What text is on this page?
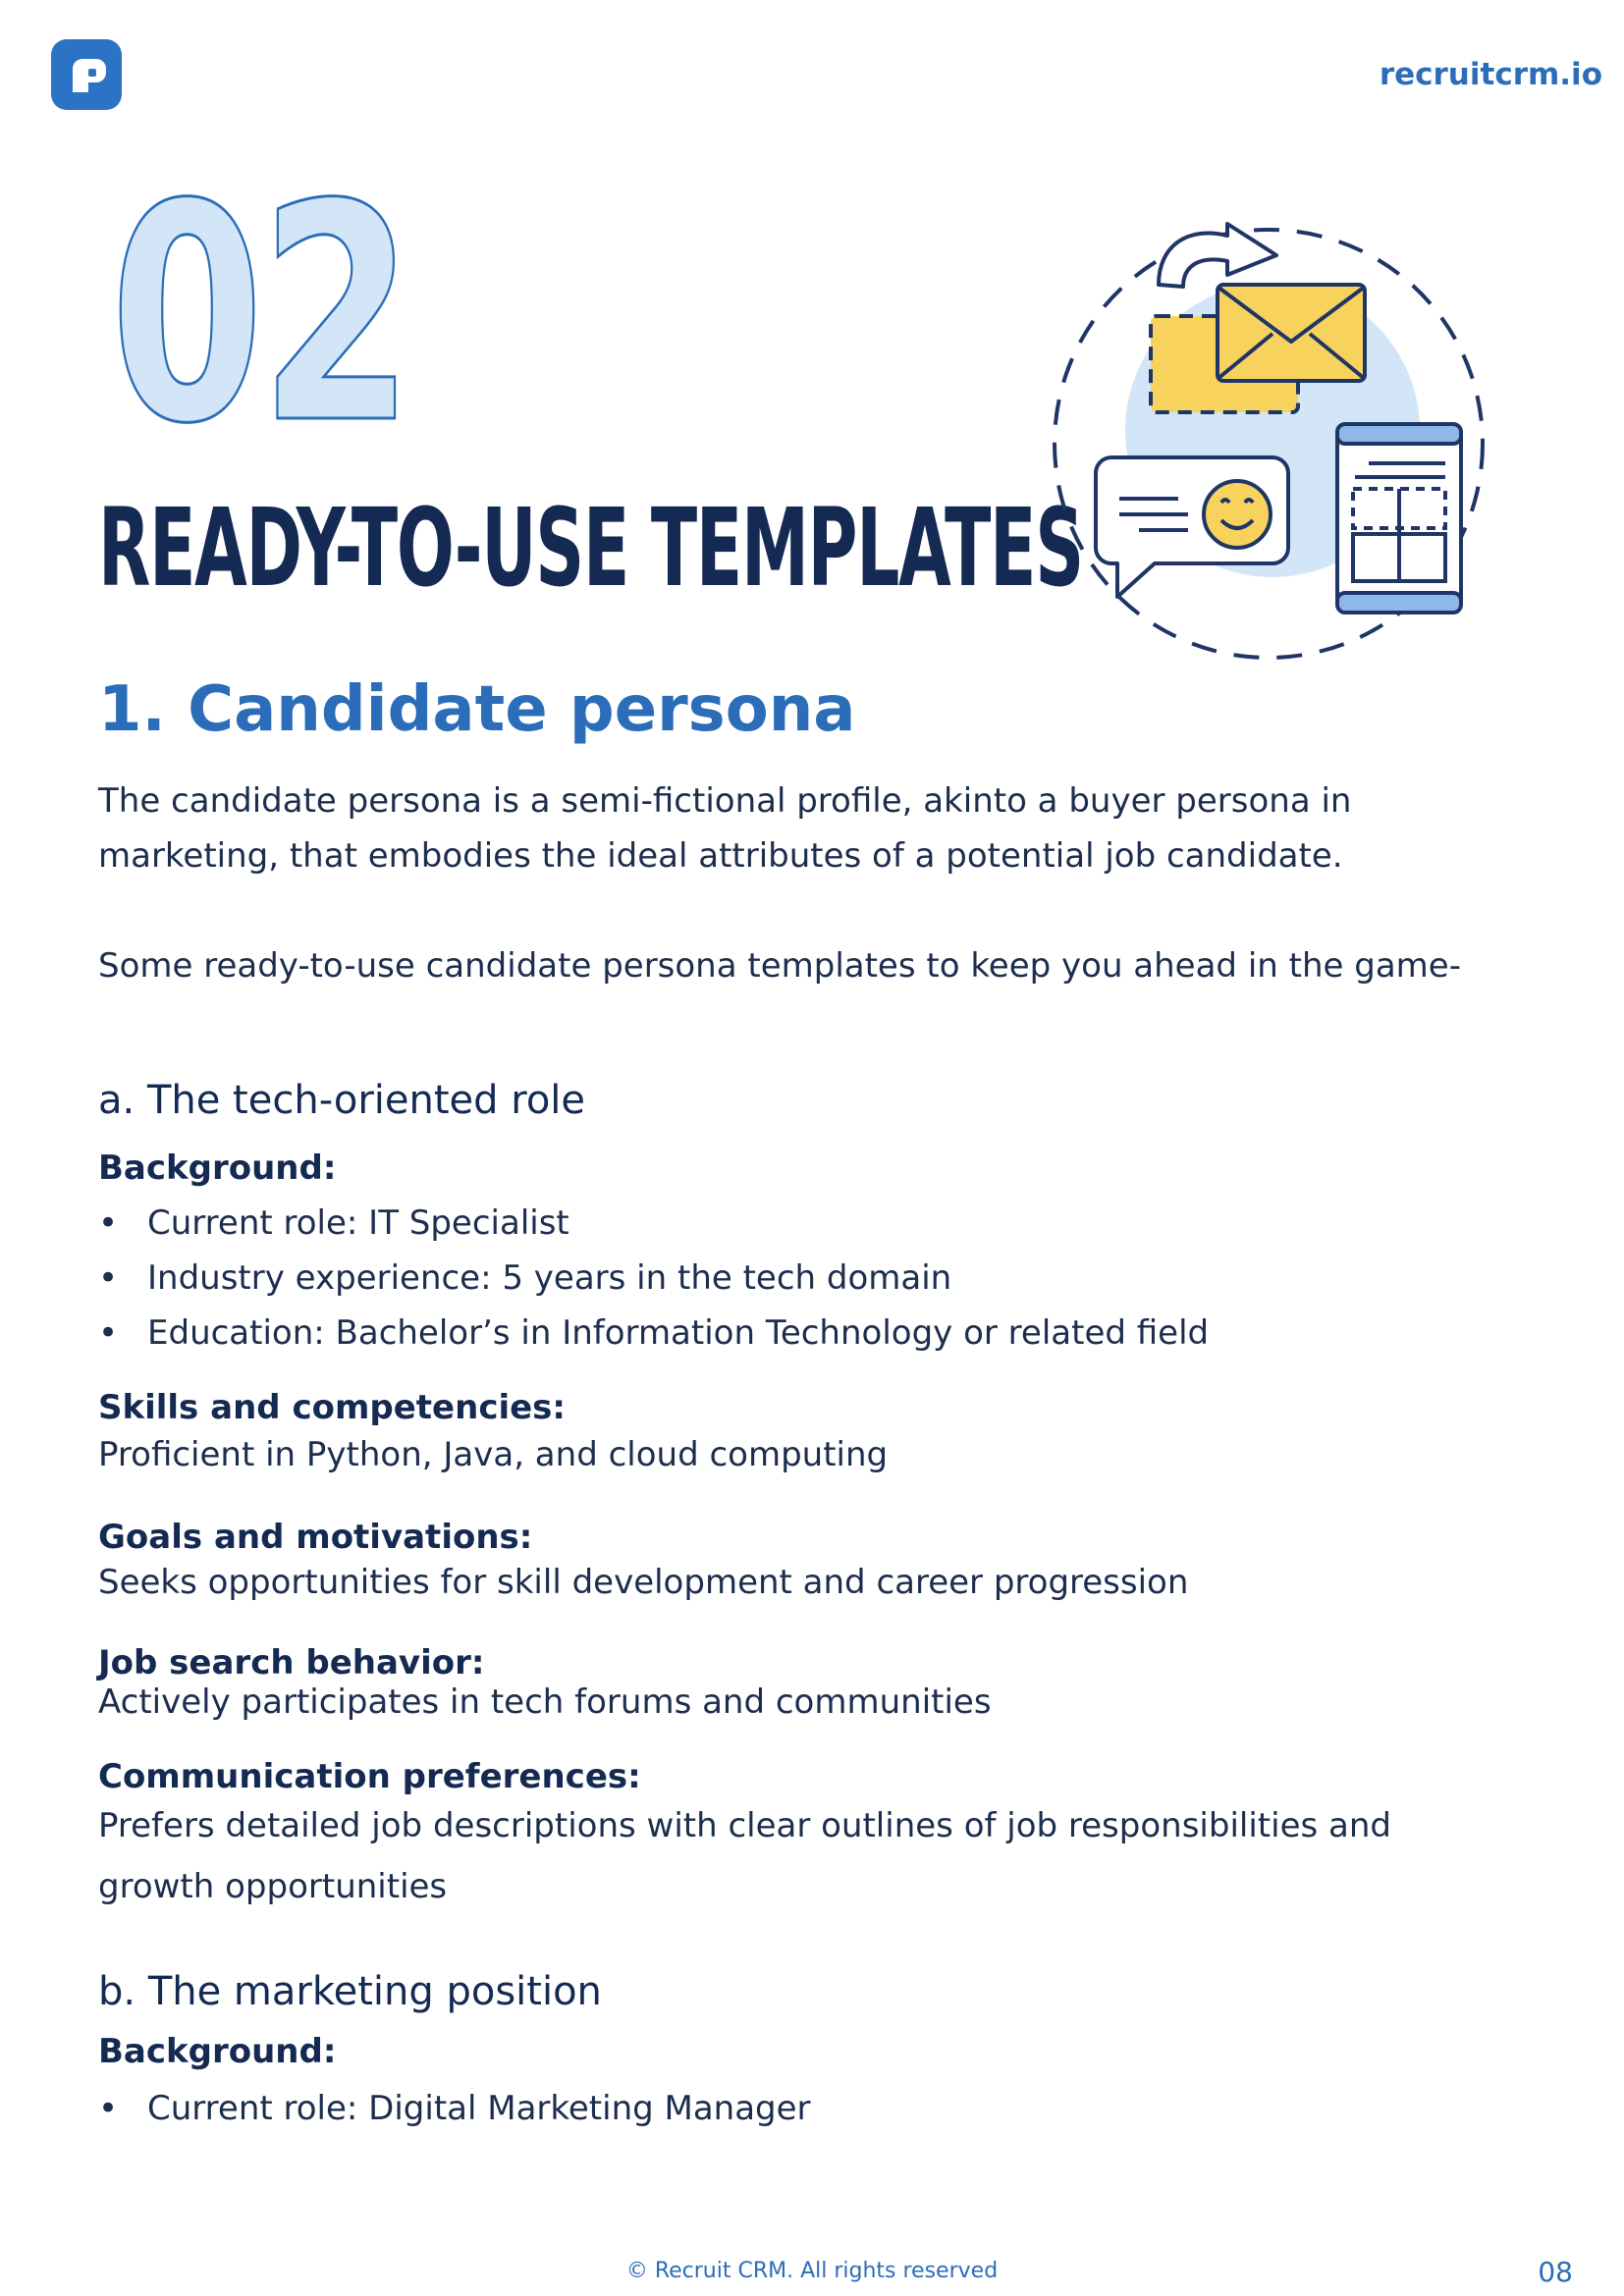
recruitcrm.io
02
READY-TO-USE TEMPLATES
1. Candidate persona
The candidate persona is a semi-fictional profile, akinto a buyer persona in marketing, that embodies the ideal attributes of a potential job candidate.
Some ready-to-use candidate persona templates to keep you ahead in the game-
a. The tech-oriented role
Background:
• Current role: IT Specialist
• Industry experience: 5 years in the tech domain
• Education: Bachelor’s in Information Technology or related field
Skills and competencies:
Proficient in Python, Java, and cloud computing
Goals and motivations:
Seeks opportunities for skill development and career progression
Job search behavior:
Actively participates in tech forums and communities
Communication preferences:
Prefers detailed job descriptions with clear outlines of job responsibilities and
growth opportunities
b. The marketing position
Background:
• Current role: Digital Marketing Manager
© Recruit CRM. All rights reserved	08
